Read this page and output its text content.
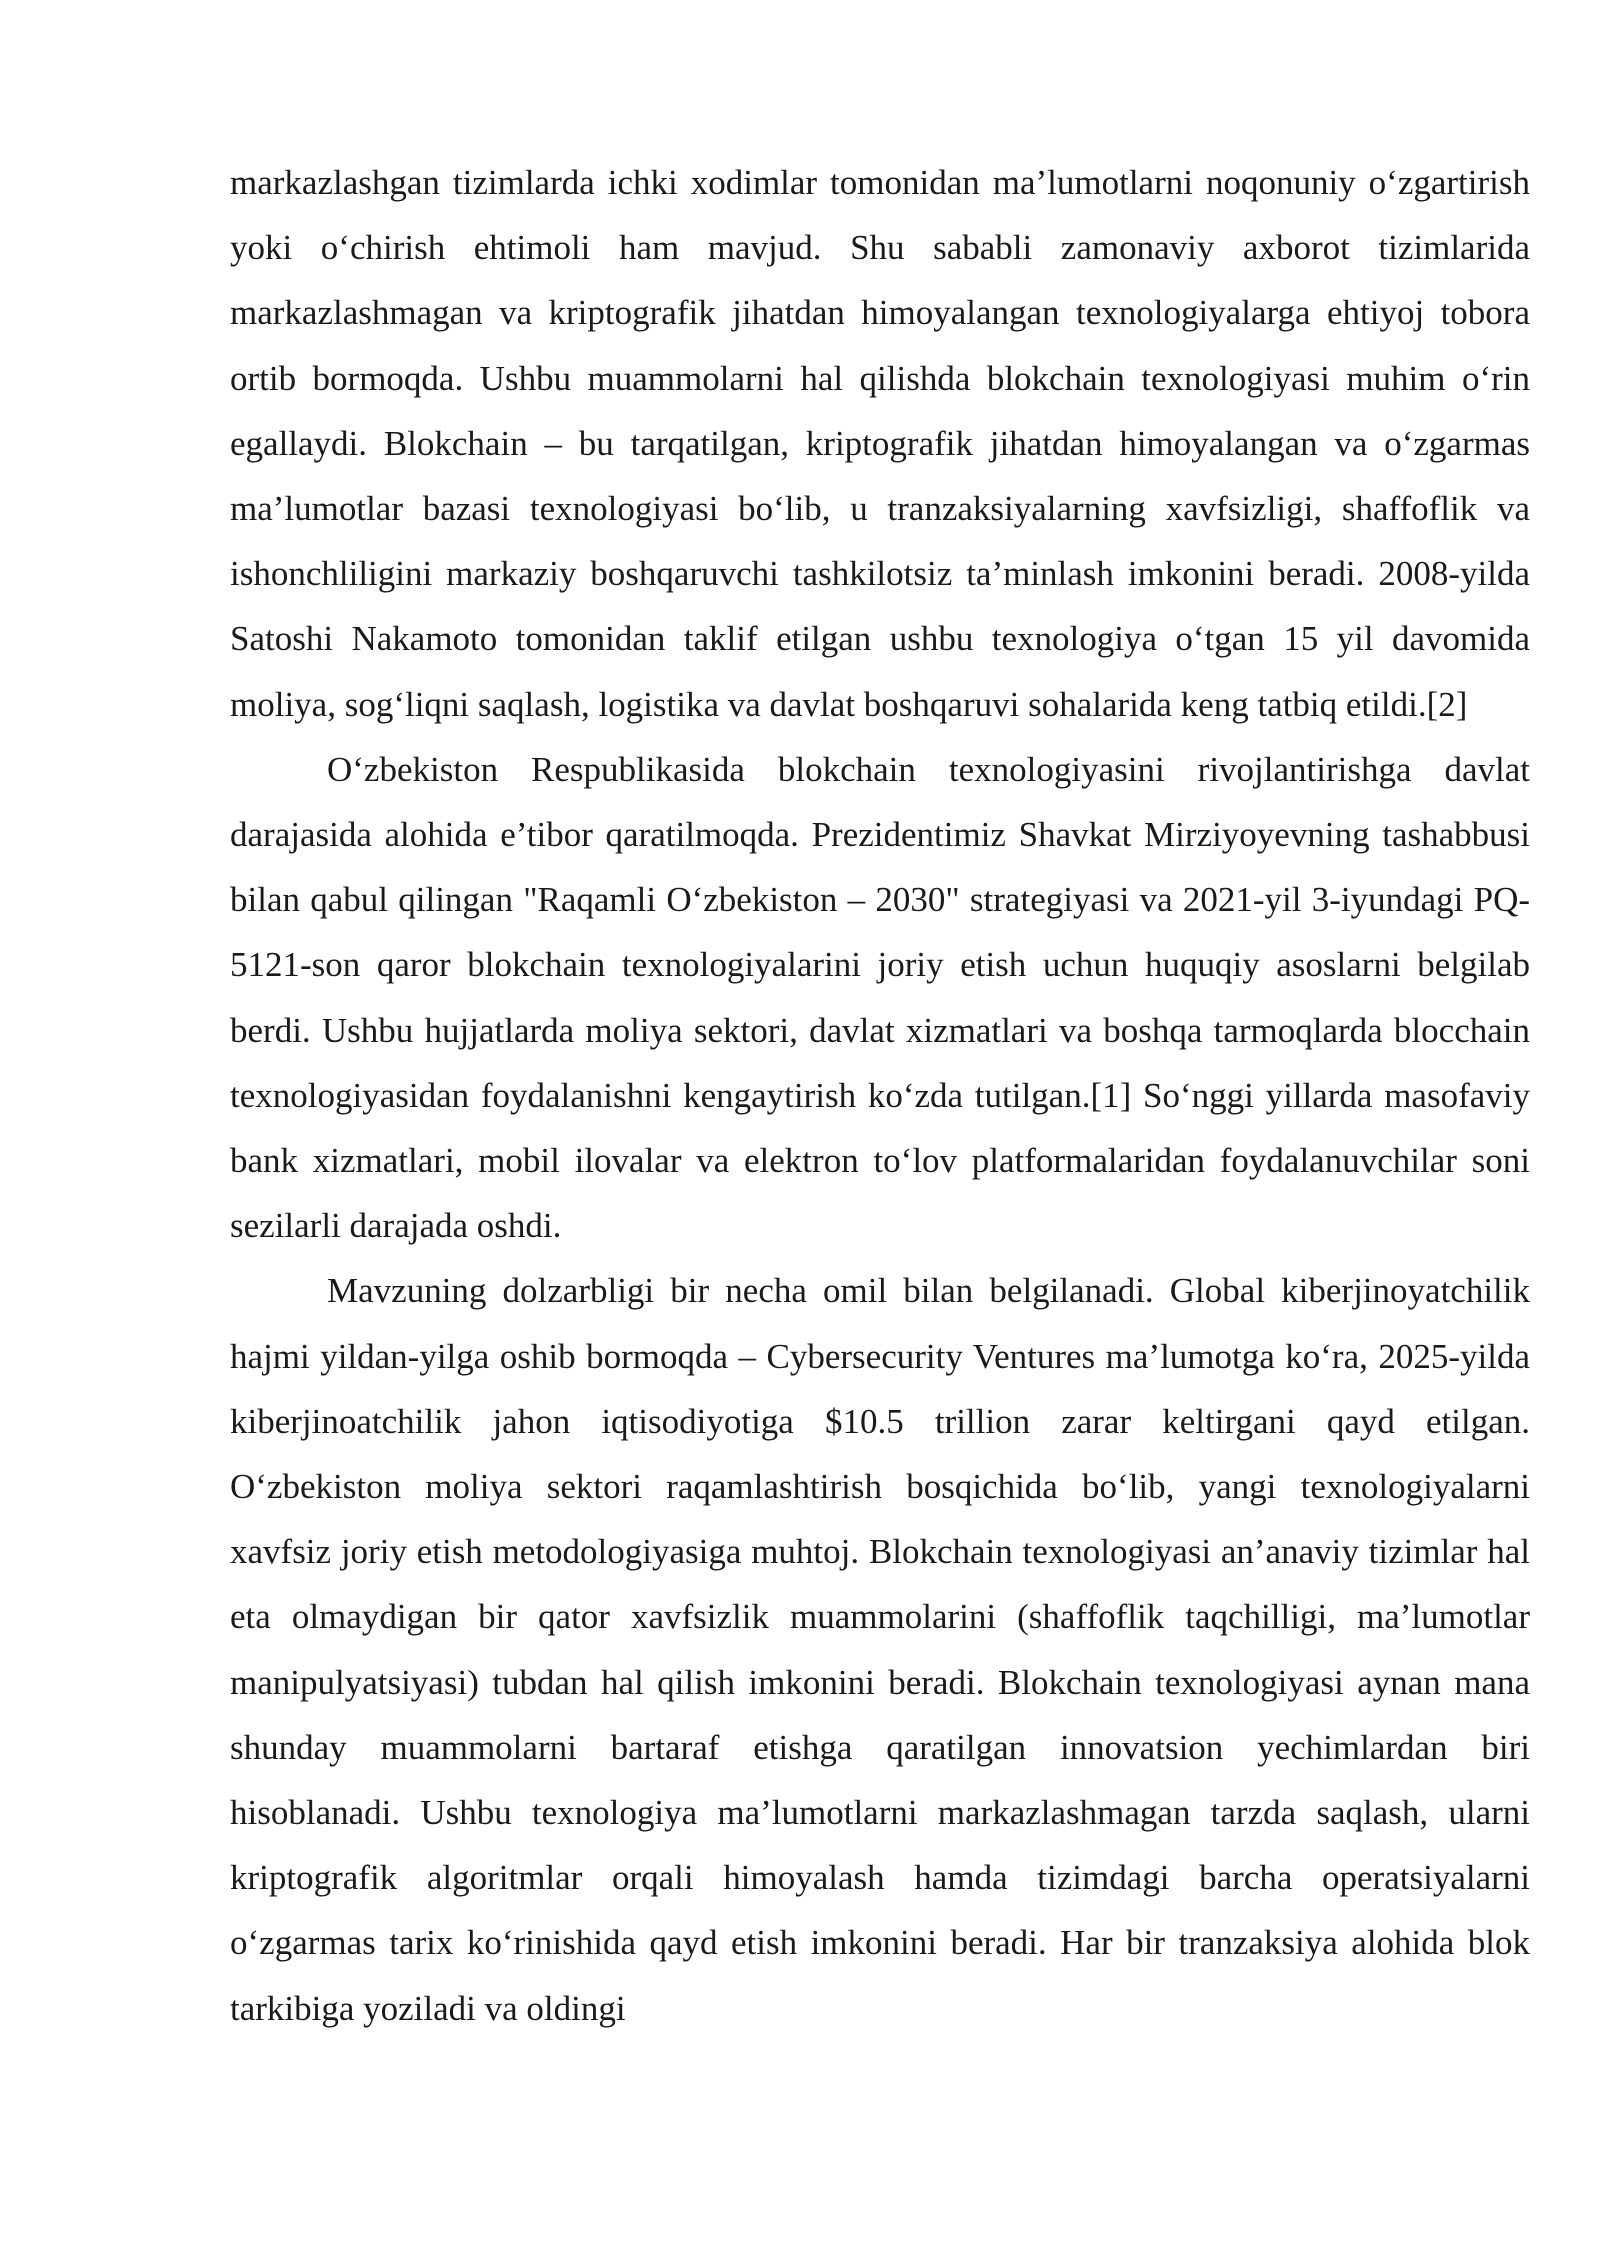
markazlashgan tizimlarda ichki xodimlar tomonidan ma’lumotlarni noqonuniy o‘zgartirish yoki o‘chirish ehtimoli ham mavjud. Shu sababli zamonaviy axborot tizimlarida markazlashmagan va kriptografik jihatdan himoyalangan texnologiyalarga ehtiyoj tobora ortib bormoqda. Ushbu muammolarni hal qilishda blokchain texnologiyasi muhim o‘rin egallaydi. Blokchain – bu tarqatilgan, kriptografik jihatdan himoyalangan va o‘zgarmas ma’lumotlar bazasi texnologiyasi bo‘lib, u tranzaksiyalarning xavfsizligi, shaffoflik va ishonchliligini markaziy boshqaruvchi tashkilotsiz ta’minlash imkonini beradi. 2008-yilda Satoshi Nakamoto tomonidan taklif etilgan ushbu texnologiya o‘tgan 15 yil davomida moliya, sog‘liqni saqlash, logistika va davlat boshqaruvi sohalarida keng tatbiq etildi.[2]

O‘zbekiston Respublikasida blokchain texnologiyasini rivojlantirishga davlat darajasida alohida e’tibor qaratilmoqda. Prezidentimiz Shavkat Mirziyoyevning tashabbusi bilan qabul qilingan "Raqamli O‘zbekiston – 2030" strategiyasi va 2021-yil 3-iyundagi PQ-5121-son qaror blokchain texnologiyalarini joriy etish uchun huquqiy asoslarni belgilab berdi. Ushbu hujjatlarda moliya sektori, davlat xizmatlari va boshqa tarmoqlarda blocchain texnologiyasidan foydalanishni kengaytirish ko‘zda tutilgan.[1] So‘nggi yillarda masofaviy bank xizmatlari, mobil ilovalar va elektron to‘lov platformalaridan foydalanuvchilar soni sezilarli darajada oshdi.

Mavzuning dolzarbligi bir necha omil bilan belgilanadi. Global kiberjinoyatchilik hajmi yildan-yilga oshib bormoqda – Cybersecurity Ventures ma’lumotga ko‘ra, 2025-yilda kiberjinoatchilik jahon iqtisodiyotiga $10.5 trillion zarar keltirgani qayd etilgan. O‘zbekiston moliya sektori raqamlashtirish bosqichida bo‘lib, yangi texnologiyalarni xavfsiz joriy etish metodologiyasiga muhtoj. Blokchain texnologiyasi an’anaviy tizimlar hal eta olmaydigan bir qator xavfsizlik muammolarini (shaffoflik taqchilligi, ma’lumotlar manipulyatsiyasi) tubdan hal qilish imkonini beradi. Blokchain texnologiyasi aynan mana shunday muammolarni bartaraf etishga qaratilgan innovatsion yechimlardan biri hisoblanadi. Ushbu texnologiya ma’lumotlarni markazlashmagan tarzda saqlash, ularni kriptografik algoritmlar orqali himoyalash hamda tizimdagi barcha operatsiyalarni o‘zgarmas tarix ko‘rinishida qayd etish imkonini beradi. Har bir tranzaksiya alohida blok tarkibiga yoziladi va oldingi
